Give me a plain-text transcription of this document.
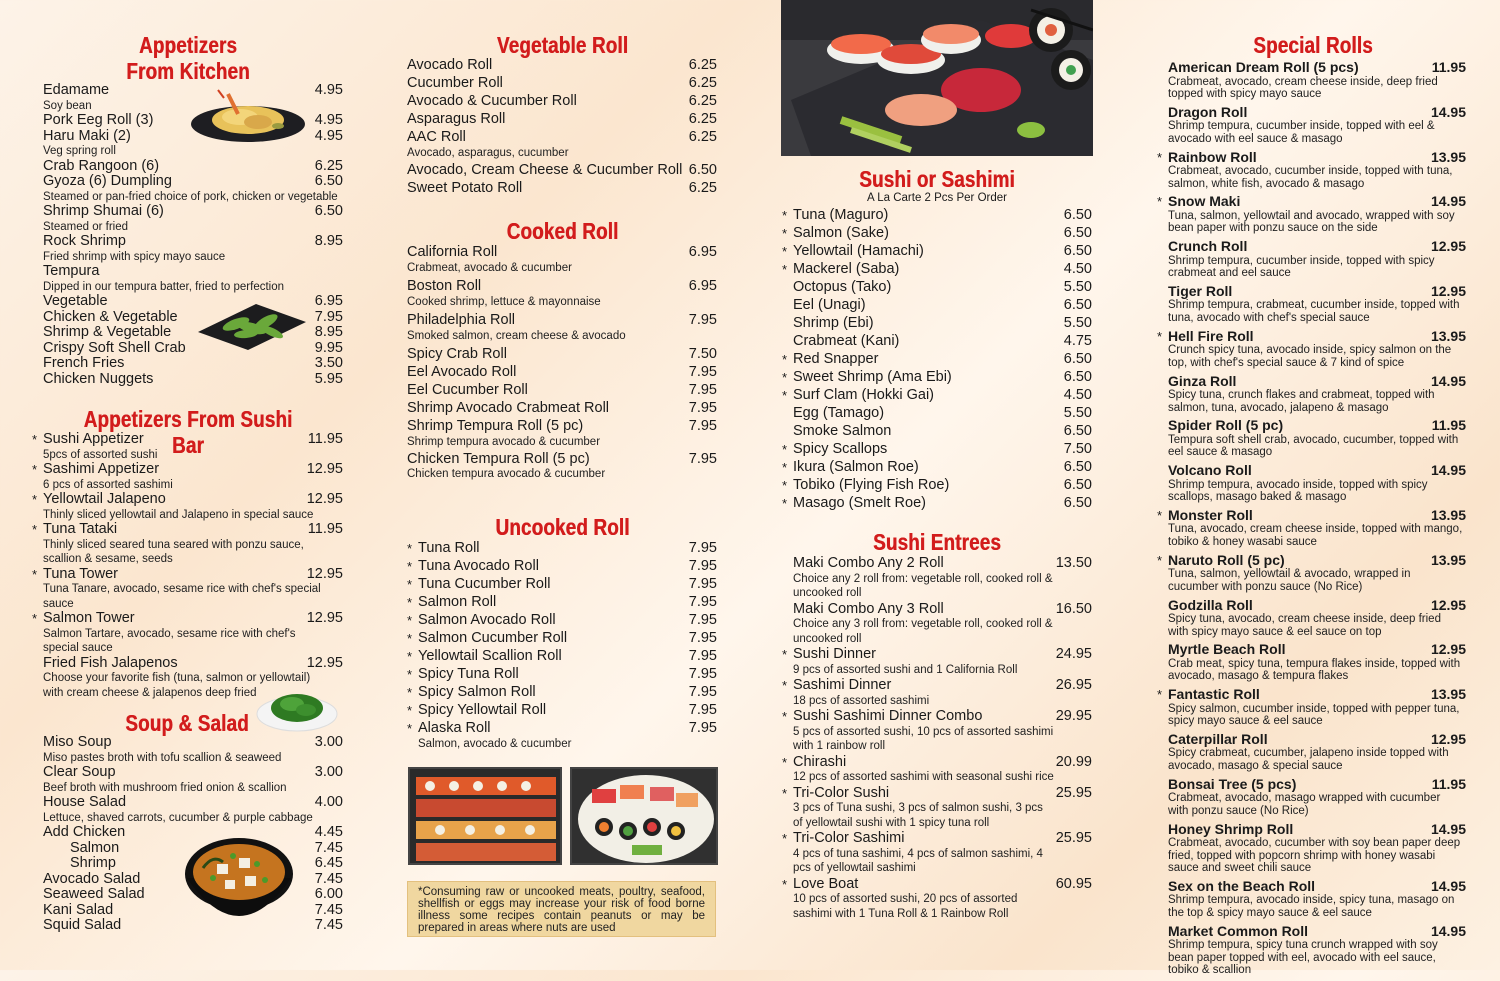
Appetizers From Kitchen
Edamame	4.95
Soy bean
Pork Eeg Roll (3)	4.95
Haru Maki (2)	4.95
Veg spring roll
Crab Rangoon (6)	6.25
Gyoza (6) Dumpling	6.50
Steamed or pan-fried choice of pork, chicken or vegetable
Shrimp Shumai (6)	6.50
Steamed or fried
Rock Shrimp	8.95
Fried shrimp with spicy mayo sauce
Tempura
Dipped in our tempura batter, fried to perfection
Vegetable	6.95
Chicken & Vegetable	7.95
Shrimp & Vegetable	8.95
Crispy Soft Shell Crab	9.95
French Fries	3.50
Chicken Nuggets	5.95
Appetizers From Sushi Bar
* Sushi Appetizer	11.95
5pcs of assorted sushi
* Sashimi Appetizer	12.95
6 pcs of assorted sashimi
* Yellowtail Jalapeno	12.95
Thinly sliced yellowtail and Jalapeno in special sauce
* Tuna Tataki	11.95
Thinly sliced seared tuna seared with ponzu sauce, scallion & sesame, seeds
* Tuna Tower	12.95
Tuna Tanare, avocado, sesame rice with chef's special sauce
* Salmon Tower	12.95
Salmon Tartare, avocado, sesame rice with chef's special sauce
Fried Fish Jalapenos	12.95
Choose your favorite fish (tuna, salmon or yellowtail) with cream cheese & jalapenos deep fried
Soup & Salad
Miso Soup	3.00
Miso pastes broth with tofu scallion & seaweed
Clear Soup	3.00
Beef broth with mushroom fried onion & scallion
House Salad	4.00
Lettuce, shaved carrots, cucumber & purple cabbage
Add Chicken	4.45
Salmon	7.45
Shrimp	6.45
Avocado Salad	7.45
Seaweed Salad	6.00
Kani Salad	7.45
Squid Salad	7.45
Vegetable Roll
Avocado Roll	6.25
Cucumber Roll	6.25
Avocado & Cucumber Roll	6.25
Asparagus Roll	6.25
AAC Roll	6.25
Avocado, asparagus, cucumber
Avocado, Cream Cheese & Cucumber Roll 6.50
Sweet Potato Roll	6.25
Cooked Roll
California Roll	6.95
Crabmeat, avocado & cucumber
Boston Roll	6.95
Cooked shrimp, lettuce & mayonnaise
Philadelphia Roll	7.95
Smoked salmon, cream cheese & avocado
Spicy Crab Roll	7.50
Eel Avocado Roll	7.95
Eel Cucumber Roll	7.95
Shrimp Avocado Crabmeat Roll	7.95
Shrimp Tempura Roll (5 pc)	7.95
Shrimp tempura avocado & cucumber
Chicken Tempura Roll (5 pc)	7.95
Chicken tempura avocado & cucumber
Uncooked Roll
* Tuna Roll	7.95
* Tuna Avocado Roll	7.95
* Tuna Cucumber Roll	7.95
* Salmon Roll	7.95
* Salmon Avocado Roll	7.95
* Salmon Cucumber Roll	7.95
* Yellowtail Scallion Roll	7.95
* Spicy Tuna Roll	7.95
* Spicy Salmon Roll	7.95
* Spicy Yellowtail Roll	7.95
* Alaska Roll	7.95
Salmon, avocado & cucumber
*Consuming raw or uncooked meats, poultry, seafood, shellfish or eggs may increase your risk of food borne illness some recipes contain peanuts or may be prepared in areas where nuts are used
Sushi or Sashimi
A La Carte 2 Pcs Per Order
* Tuna (Maguro)	6.50
* Salmon (Sake)	6.50
* Yellowtail (Hamachi)	6.50
* Mackerel (Saba)	4.50
Octopus (Tako)	5.50
Eel (Unagi)	6.50
Shrimp (Ebi)	5.50
Crabmeat (Kani)	4.75
* Red Snapper	6.50
* Sweet Shrimp (Ama Ebi)	6.50
* Surf Clam (Hokki Gai)	4.50
Egg (Tamago)	5.50
Smoke Salmon	6.50
* Spicy Scallops	7.50
* Ikura (Salmon Roe)	6.50
* Tobiko (Flying Fish Roe)	6.50
* Masago (Smelt Roe)	6.50
Sushi Entrees
Maki Combo Any 2 Roll	13.50
Choice any 2 roll from: vegetable roll, cooked roll & uncooked roll
Maki Combo Any 3 Roll	16.50
Choice any 3 roll from: vegetable roll, cooked roll & uncooked roll
* Sushi Dinner	24.95
9 pcs of assorted sushi and 1 California Roll
* Sashimi Dinner	26.95
18 pcs of assorted sashimi
* Sushi Sashimi Dinner Combo	29.95
5 pcs of assorted sushi, 10 pcs of assorted sashimi with 1 rainbow roll
* Chirashi	20.99
12 pcs of assorted sashimi with seasonal sushi rice
* Tri-Color Sushi	25.95
3 pcs of Tuna sushi, 3 pcs of salmon sushi, 3 pcs of yellowtail sushi with 1 spicy tuna roll
* Tri-Color Sashimi	25.95
4 pcs of tuna sashimi, 4 pcs of salmon sashimi, 4 pcs of yellowtail sashimi
* Love Boat	60.95
10 pcs of assorted sushi, 20 pcs of assorted sashimi with 1 Tuna Roll & 1 Rainbow Roll
Special Rolls
American Dream Roll (5 pcs)	11.95
Crabmeat, avocado, cream cheese inside, deep fried topped with spicy mayo sauce
Dragon Roll	14.95
Shrimp tempura, cucumber inside, topped with eel & avocado with eel sauce & masago
* Rainbow Roll	13.95
Crabmeat, avocado, cucumber inside, topped with tuna, salmon, white fish, avocado & masago
* Snow Maki	14.95
Tuna, salmon, yellowtail and avocado, wrapped with soy bean paper with ponzu sauce on the side
Crunch Roll	12.95
Shrimp tempura, cucumber inside, topped with spicy crabmeat and eel sauce
Tiger Roll	12.95
Shrimp tempura, crabmeat, cucumber inside, topped with tuna, avocado with chef's special sauce
* Hell Fire Roll	13.95
Crunch spicy tuna, avocado inside, spicy salmon on the top, with chef's special sauce & 7 kind of spice
Ginza Roll	14.95
Spicy tuna, crunch flakes and crabmeat, topped with salmon, tuna, avocado, jalapeno & masago
Spider Roll (5 pc)	11.95
Tempura soft shell crab, avocado, cucumber, topped with eel sauce & masago
Volcano Roll	14.95
Shrimp tempura, avocado inside, topped with spicy scallops, masago baked & masago
* Monster Roll	13.95
Tuna, avocado, cream cheese inside, topped with mango, tobiko & honey wasabi sauce
* Naruto Roll (5 pc)	13.95
Tuna, salmon, yellowtail & avocado, wrapped in cucumber with ponzu sauce (No Rice)
Godzilla Roll	12.95
Spicy tuna, avocado, cream cheese inside, deep fried with spicy mayo sauce & eel sauce on top
Myrtle Beach Roll	12.95
Crab meat, spicy tuna, tempura flakes inside, topped with avocado, masago & tempura flakes
* Fantastic Roll	13.95
Spicy salmon, cucumber inside, topped with pepper tuna, spicy mayo sauce & eel sauce
Caterpillar Roll	12.95
Spicy crabmeat, cucumber, jalapeno inside topped with avocado, masago & special sauce
Bonsai Tree (5 pcs)	11.95
Crabmeat, avocado, masago wrapped with cucumber with ponzu sauce (No Rice)
Honey Shrimp Roll	14.95
Crabmeat, avocado, cucumber with soy bean paper deep fried, topped with popcorn shrimp with honey wasabi sauce and sweet chili sauce
Sex on the Beach Roll	14.95
Shrimp tempura, avocado inside, spicy tuna, masago on the top & spicy mayo sauce & eel sauce
Market Common Roll	14.95
Shrimp tempura, spicy tuna crunch wrapped with soy bean paper topped with eel, avocado with eel sauce, tobiko & scallion
